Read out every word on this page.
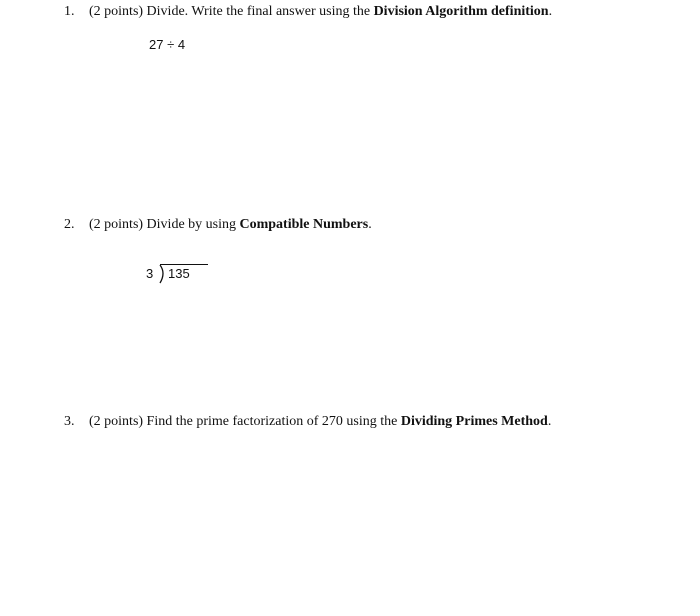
1. (2 points) Divide. Write the final answer using the Division Algorithm definition.
27 ÷ 4
2. (2 points) Divide by using Compatible Numbers.
3 135
3. (2 points) Find the prime factorization of 270 using the Dividing Primes Method.
